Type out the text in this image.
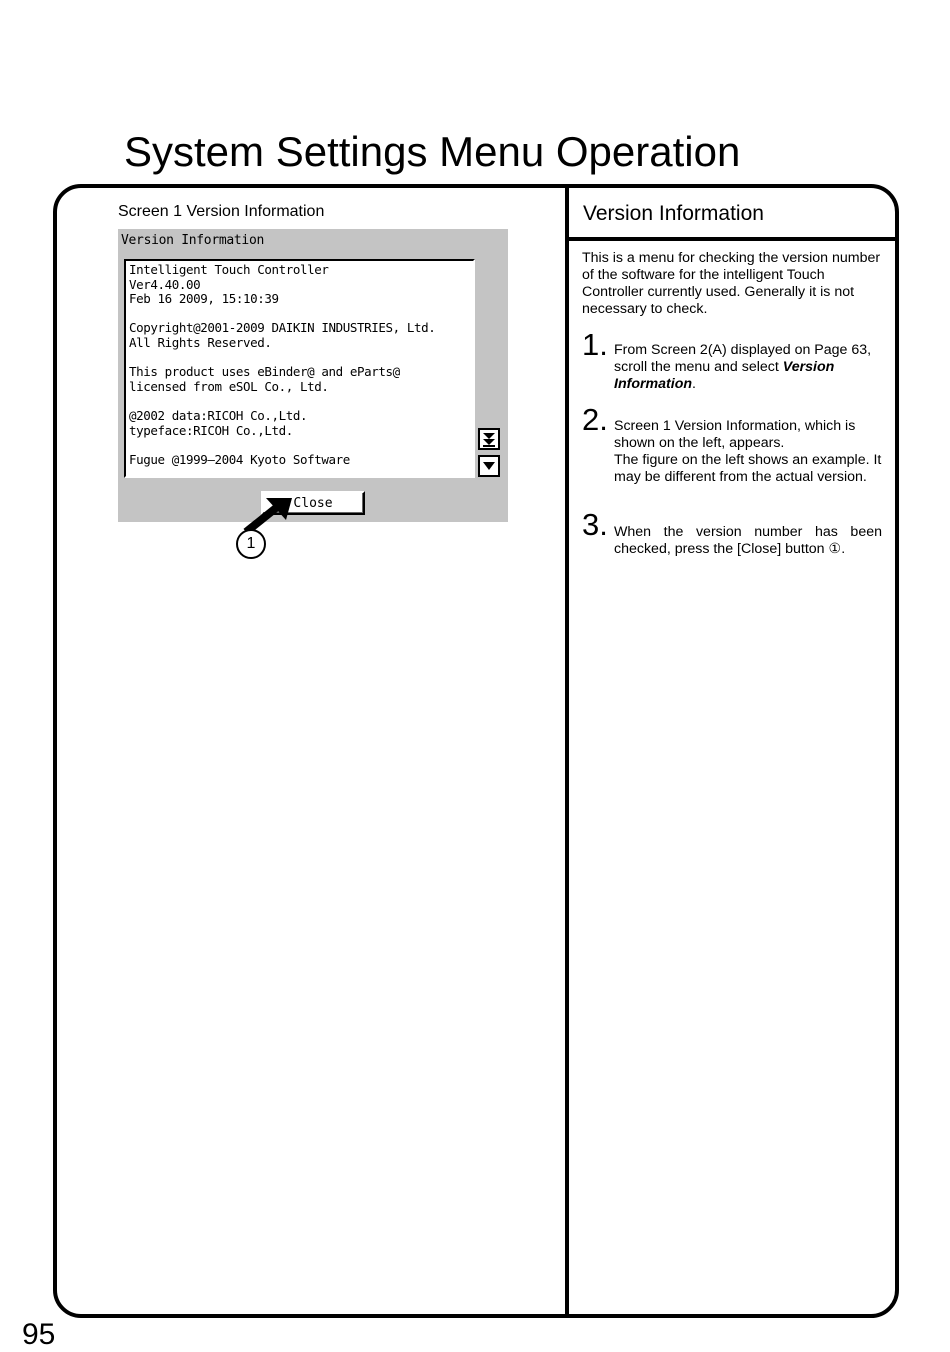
System Settings Menu Operation
Screen 1 Version Information
Version Information
Intelligent Touch Controller
Ver4.40.00
Feb 16 2009, 15:10:39

Copyright@2001-2009 DAIKIN INDUSTRIES, Ltd.
All Rights Reserved.

This product uses eBinder@ and eParts@
licensed from eSOL Co., Ltd.

@2002 data:RICOH Co.,Ltd.
typeface:RICOH Co.,Ltd.

Fugue @1999—2004 Kyoto Software
Close
1
Version Information
This is a menu for checking the version number of the software for the intelligent Touch Controller currently used. Generally it is not necessary to check.
1. From Screen 2(A) displayed on Page 63, scroll the menu and select Version Information.
2. Screen 1 Version Information, which is shown on the left, appears.
The figure on the left shows an example. It may be different from the actual version.
3. When the version number has been checked, press the [Close] button ①.
95
